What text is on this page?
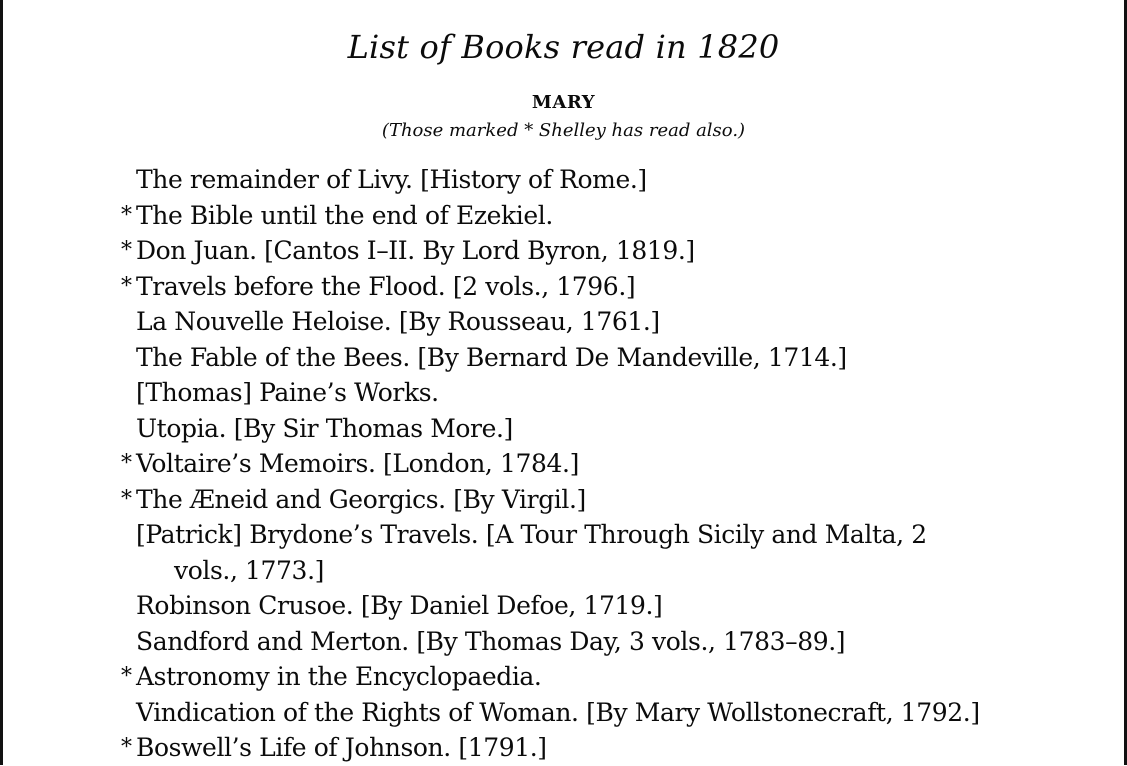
List of Books read in 1820
MARY
(Those marked * Shelley has read also.)
The remainder of Livy. [History of Rome.]
* The Bible until the end of Ezekiel.
* Don Juan. [Cantos I–II. By Lord Byron, 1819.]
* Travels before the Flood. [2 vols., 1796.]
La Nouvelle Heloise. [By Rousseau, 1761.]
The Fable of the Bees. [By Bernard De Mandeville, 1714.]
[Thomas] Paine’s Works.
Utopia. [By Sir Thomas More.]
* Voltaire’s Memoirs. [London, 1784.]
* The Æneid and Georgics. [By Virgil.]
[Patrick] Brydone’s Travels. [A Tour Through Sicily and Malta, 2
vols., 1773.]
Robinson Crusoe. [By Daniel Defoe, 1719.]
Sandford and Merton. [By Thomas Day, 3 vols., 1783–89.]
* Astronomy in the Encyclopaedia.
Vindication of the Rights of Woman. [By Mary Wollstonecraft, 1792.]
* Boswell’s Life of Johnson. [1791.]
